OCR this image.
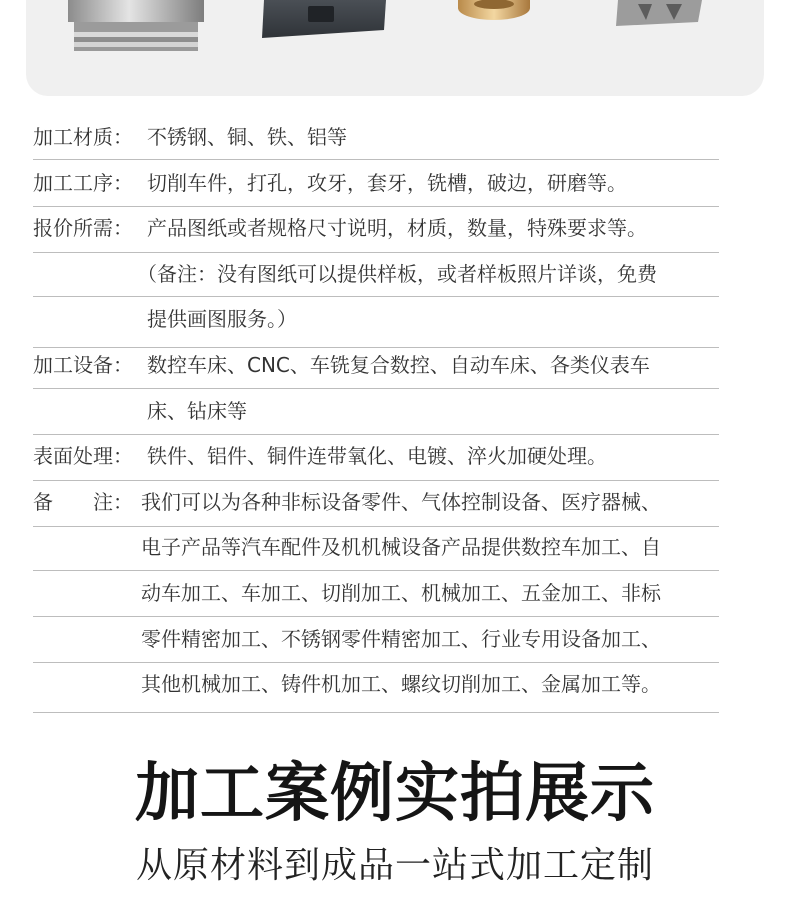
加工材质： 不锈钢、铜、铁、铝等
加工工序： 切削车件，打孔，攻牙，套牙，铣槽，破边，研磨等。
报价所需： 产品图纸或者规格尺寸说明，材质，数量，特殊要求等。
（备注：没有图纸可以提供样板，或者样板照片详谈，免费
提供画图服务。）
加工设备： 数控车床、CNC、车铣复合数控、自动车床、各类仪表车
床、钻床等
表面处理： 铁件、铝件、铜件连带氧化、电镀、淬火加硬处理。
备　　注： 我们可以为各种非标设备零件、气体控制设备、医疗器械、
电子产品等汽车配件及机机械设备产品提供数控车加工、自
动车加工、车加工、切削加工、机械加工、五金加工、非标
零件精密加工、不锈钢零件精密加工、行业专用设备加工、
其他机械加工、铸件机加工、螺纹切削加工、金属加工等。
加工案例实拍展示
从原材料到成品一站式加工定制
